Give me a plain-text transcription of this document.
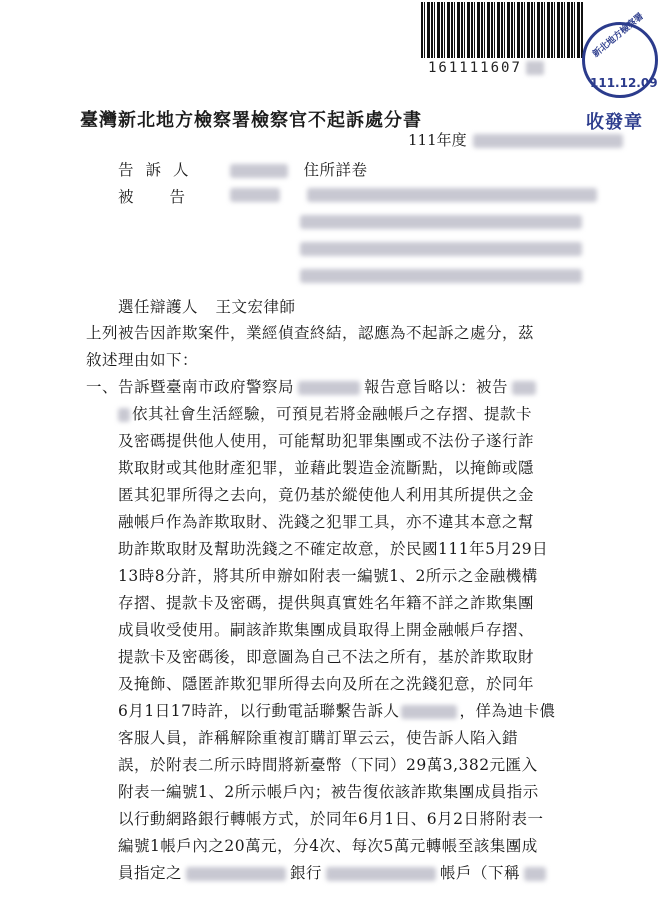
161111607
新北地方檢察署
111.12.09
收發章
臺灣新北地方檢察署檢察官不起訴處分書
111年度
告訴人	住所詳卷
被告

選任辯護人 王文宏律師
上列被告因詐欺案件，業經偵查終結，認應為不起訴之處分，茲
敘述理由如下：
一、告訴暨臺南市政府警察局	報告意旨略以：被告
依其社會生活經驗，可預見若將金融帳戶之存摺、提款卡
及密碼提供他人使用，可能幫助犯罪集團或不法份子遂行詐
欺取財或其他財產犯罪，並藉此製造金流斷點，以掩飾或隱
匿其犯罪所得之去向，竟仍基於縱使他人利用其所提供之金
融帳戶作為詐欺取財、洗錢之犯罪工具，亦不違其本意之幫
助詐欺取財及幫助洗錢之不確定故意，於民國111年5月29日
13時8分許，將其所申辦如附表一編號1、2所示之金融機構
存摺、提款卡及密碼，提供與真實姓名年籍不詳之詐欺集團
成員收受使用。嗣該詐欺集團成員取得上開金融帳戶存摺、
提款卡及密碼後，即意圖為自己不法之所有，基於詐欺取財
及掩飾、隱匿詐欺犯罪所得去向及所在之洗錢犯意，於同年
6月1日17時許，以行動電話聯繫告訴人	，佯為迪卡儂
客服人員，詐稱解除重複訂購訂單云云，使告訴人陷入錯
誤，於附表二所示時間將新臺幣（下同）29萬3,382元匯入
附表一編號1、2所示帳戶內；被告復依該詐欺集團成員指示
以行動網路銀行轉帳方式，於同年6月1日、6月2日將附表一
編號1帳戶內之20萬元，分4次、每次5萬元轉帳至該集團成
員指定之	銀行	帳戶（下稱
